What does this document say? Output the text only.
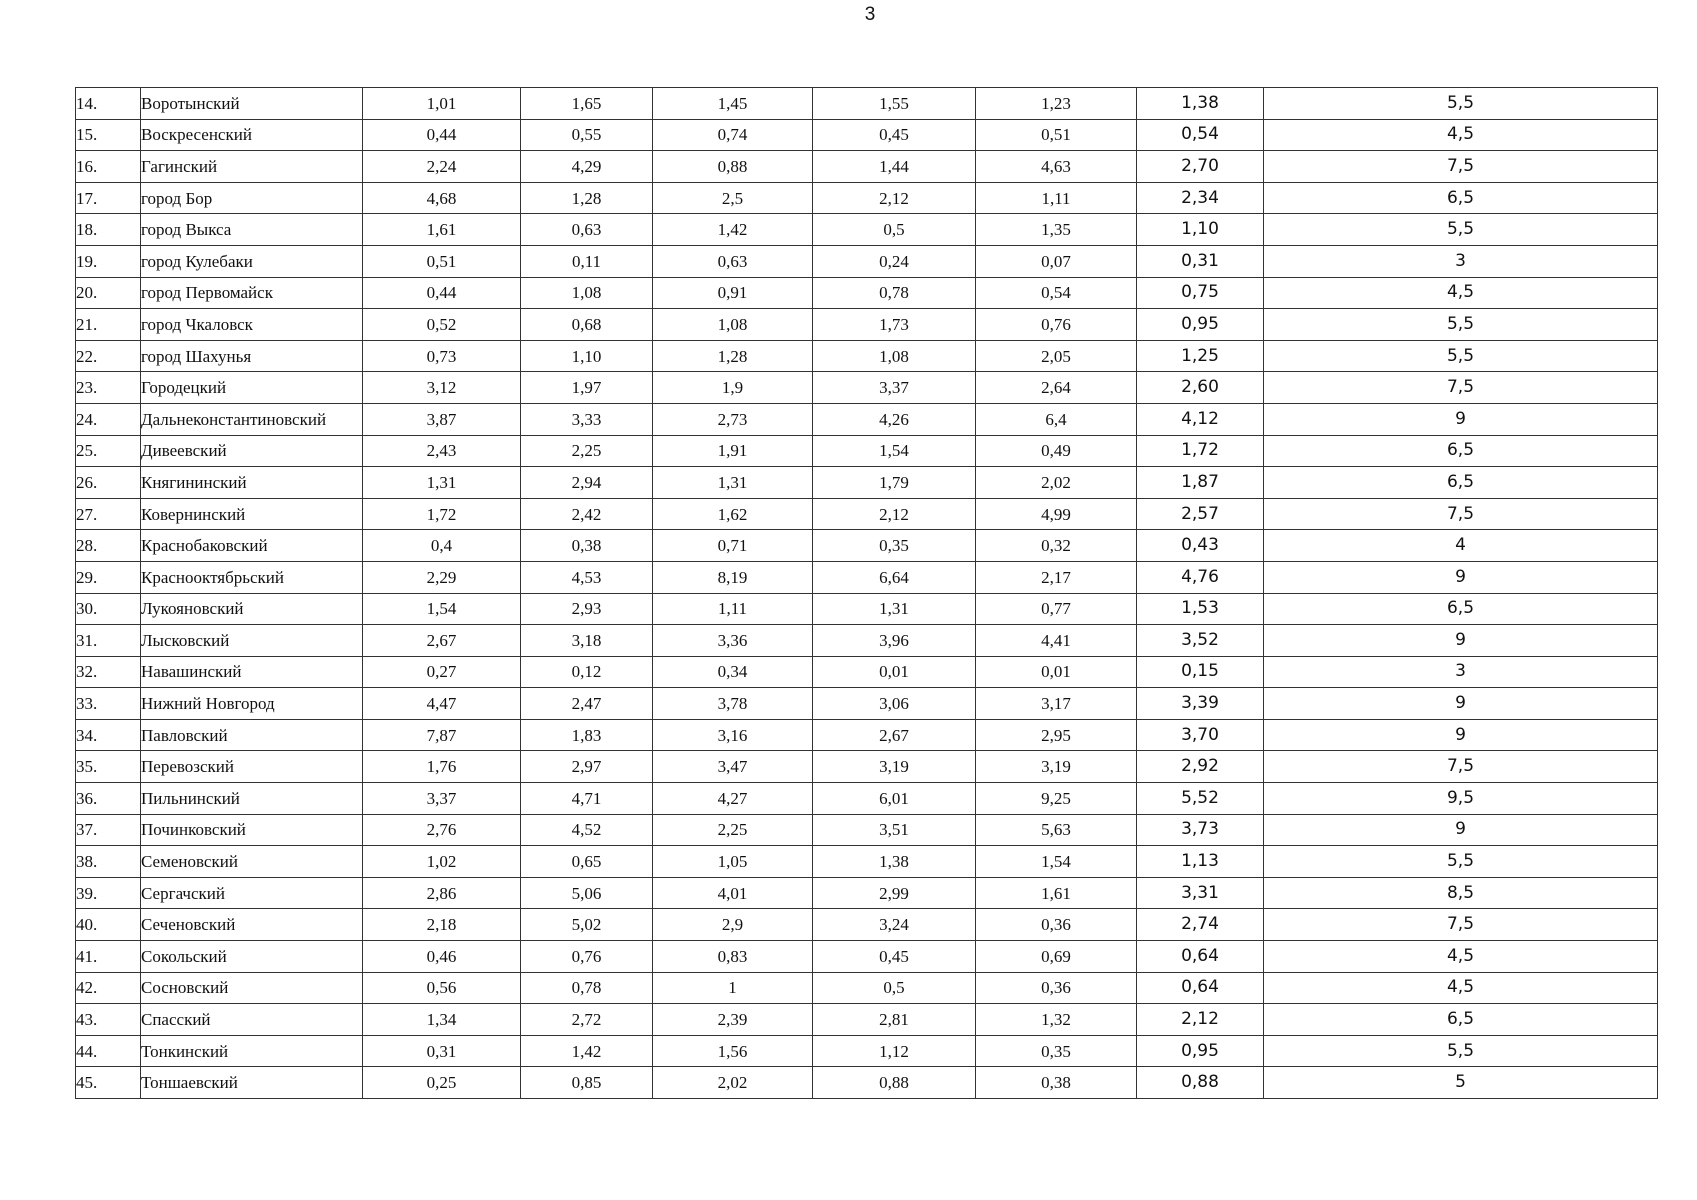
3
14.	Воротынский	1,01	1,65	1,45	1,55	1,23	1,38	5,5
15.	Воскресенский	0,44	0,55	0,74	0,45	0,51	0,54	4,5
16.	Гагинский	2,24	4,29	0,88	1,44	4,63	2,70	7,5
17.	город Бор	4,68	1,28	2,5	2,12	1,11	2,34	6,5
18.	город Выкса	1,61	0,63	1,42	0,5	1,35	1,10	5,5
19.	город Кулебаки	0,51	0,11	0,63	0,24	0,07	0,31	3
20.	город Первомайск	0,44	1,08	0,91	0,78	0,54	0,75	4,5
21.	город Чкаловск	0,52	0,68	1,08	1,73	0,76	0,95	5,5
22.	город Шахунья	0,73	1,10	1,28	1,08	2,05	1,25	5,5
23.	Городецкий	3,12	1,97	1,9	3,37	2,64	2,60	7,5
24.	Дальнеконстантиновский	3,87	3,33	2,73	4,26	6,4	4,12	9
25.	Дивеевский	2,43	2,25	1,91	1,54	0,49	1,72	6,5
26.	Княгининский	1,31	2,94	1,31	1,79	2,02	1,87	6,5
27.	Ковернинский	1,72	2,42	1,62	2,12	4,99	2,57	7,5
28.	Краснобаковский	0,4	0,38	0,71	0,35	0,32	0,43	4
29.	Краснооктябрьский	2,29	4,53	8,19	6,64	2,17	4,76	9
30.	Лукояновский	1,54	2,93	1,11	1,31	0,77	1,53	6,5
31.	Лысковский	2,67	3,18	3,36	3,96	4,41	3,52	9
32.	Навашинский	0,27	0,12	0,34	0,01	0,01	0,15	3
33.	Нижний Новгород	4,47	2,47	3,78	3,06	3,17	3,39	9
34.	Павловский	7,87	1,83	3,16	2,67	2,95	3,70	9
35.	Перевозский	1,76	2,97	3,47	3,19	3,19	2,92	7,5
36.	Пильнинский	3,37	4,71	4,27	6,01	9,25	5,52	9,5
37.	Починковский	2,76	4,52	2,25	3,51	5,63	3,73	9
38.	Семеновский	1,02	0,65	1,05	1,38	1,54	1,13	5,5
39.	Сергачский	2,86	5,06	4,01	2,99	1,61	3,31	8,5
40.	Сеченовский	2,18	5,02	2,9	3,24	0,36	2,74	7,5
41.	Сокольский	0,46	0,76	0,83	0,45	0,69	0,64	4,5
42.	Сосновский	0,56	0,78	1	0,5	0,36	0,64	4,5
43.	Спасский	1,34	2,72	2,39	2,81	1,32	2,12	6,5
44.	Тонкинский	0,31	1,42	1,56	1,12	0,35	0,95	5,5
45.	Тоншаевский	0,25	0,85	2,02	0,88	0,38	0,88	5
